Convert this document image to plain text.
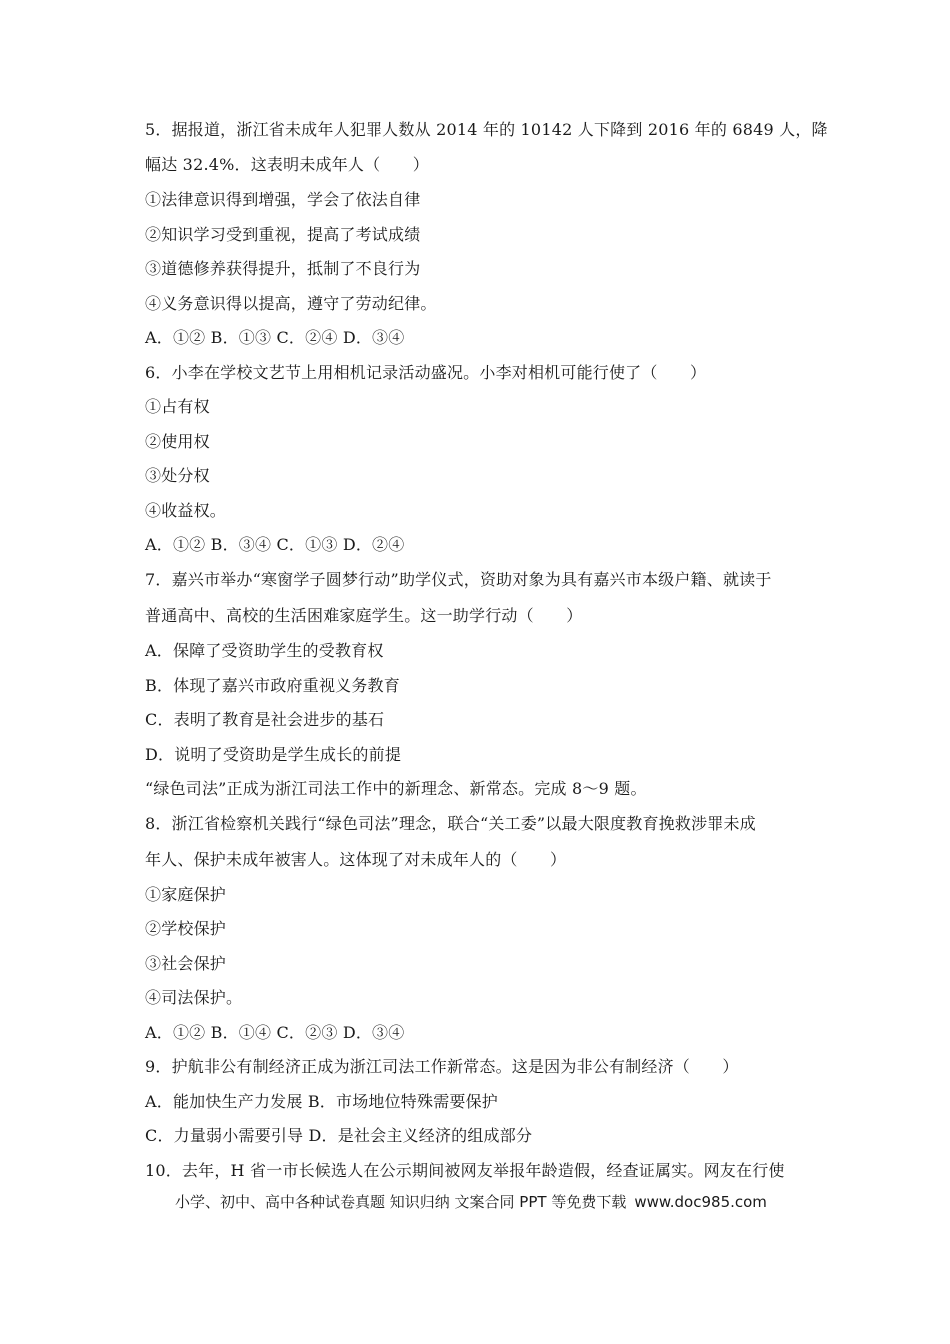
5．据报道，浙江省未成年人犯罪人数从 2014 年的 10142 人下降到 2016 年的 6849 人，降
幅达 32.4%．这表明未成年人（　　）
①法律意识得到增强，学会了依法自律
②知识学习受到重视，提高了考试成绩
③道德修养获得提升，抵制了不良行为
④义务意识得以提高，遵守了劳动纪律。
A．①② B．①③ C．②④ D．③④
6．小李在学校文艺节上用相机记录活动盛况。小李对相机可能行使了（　　）
①占有权
②使用权
③处分权
④收益权。
A．①② B．③④ C．①③ D．②④
7．嘉兴市举办“寒窗学子圆梦行动”助学仪式，资助对象为具有嘉兴市本级户籍、就读于
普通高中、高校的生活困难家庭学生。这一助学行动（　　）
A．保障了受资助学生的受教育权
B．体现了嘉兴市政府重视义务教育
C．表明了教育是社会进步的基石
D．说明了受资助是学生成长的前提
“绿色司法”正成为浙江司法工作中的新理念、新常态。完成 8～9 题。
8．浙江省检察机关践行“绿色司法”理念，联合“关工委”以最大限度教育挽救涉罪未成
年人、保护未成年被害人。这体现了对未成年人的（　　）
①家庭保护
②学校保护
③社会保护
④司法保护。
A．①② B．①④ C．②③ D．③④
9．护航非公有制经济正成为浙江司法工作新常态。这是因为非公有制经济（　　）
A．能加快生产力发展 B．市场地位特殊需要保护
C．力量弱小需要引导 D．是社会主义经济的组成部分
10．去年，H 省一市长候选人在公示期间被网友举报年龄造假，经查证属实。网友在行使
小学、初中、高中各种试卷真题 知识归纳 文案合同 PPT 等免费下载 www.doc985.com
